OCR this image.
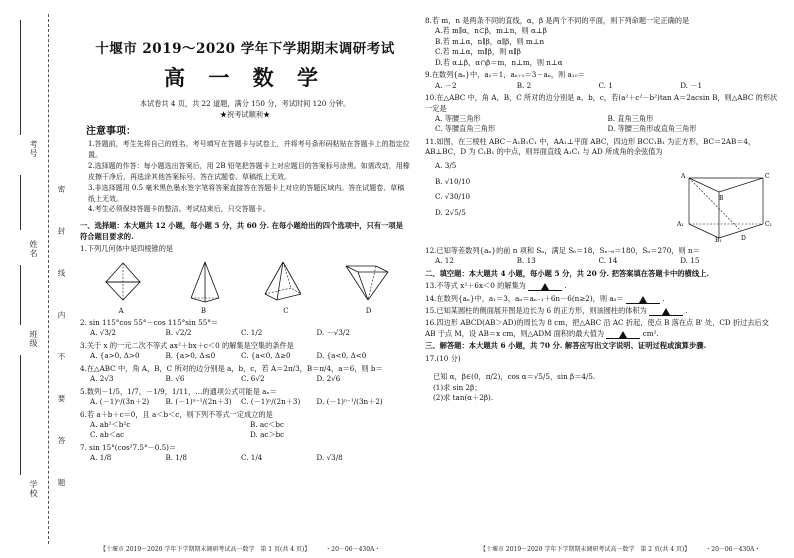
考号
姓名
班级
学校	密 封 线 内 不 要 答 题
十堰市 2019～2020 学年下学期期末调研考试
高 一 数 学
本试卷共 4 页，共 22 道题，满分 150 分，考试时间 120 分钟。
★祝考试顺利★
注意事项：
1.答题前，考生先将自己的姓名、考号填写在答题卡与试卷上，并将考号条形码粘贴在答题卡上的指定位置。
2.选择题的作答：每小题选出答案后，用 2B 铅笔把答题卡上对应题目的答案标号涂黑。如需改动，用橡皮擦干净后，再选涂其他答案标号。答在试题卷、草稿纸上无效。
3.非选择题用 0.5 毫米黑色墨水签字笔将答案直接答在答题卡上对应的答题区域内。答在试题卷、草稿纸上无效。
4.考生必须保持答题卡的整洁。考试结束后，只交答题卡。
一、选择题：本大题共 12 小题，每小题 5 分，共 60 分. 在每小题给出的四个选项中，只有一项是符合题目要求的.
1.下列几何体中是四棱锥的是
A	B	C	D
2. sin 115°cos 55°－cos 115°sin 55°＝
A. √3/2	B. √2/2	C. 1/2	D. －√3/2
3.关于 x 的一元二次不等式 ax²＋bx＋c＜0 的解集是空集的条件是
A. {a>0, Δ>0	B. {a>0, Δ≤0	C. {a<0, Δ≥0	D. {a<0, Δ<0
4.在△ABC 中，角 A，B，C 所对的边分别是 a，b，c，若 A＝2π/3，B＝π/4，a＝6，则 b＝
A. 2√3	B. √6	C. 6√2	D. 2√6
5.数列－1/5，1/7，－1/9，1/11，…的通项公式可能是 aₙ＝
A. (－1)ⁿ/(3n＋2)	B. (－1)ⁿ⁻¹/(2n＋3)	C. (－1)ⁿ/(2n＋3)	D. (－1)ⁿ⁻¹/(3n＋2)
6.若 a＋b＋c＝0，且 a＜b＜c，则下列不等式一定成立的是
A. ab²＜b²c	B. ac＜bc
C. ab＜ac	D. ac＞bc
7. sin 15°(cos²7.5°－0.5)＝
A. 1/8	B. 1/8	C. 1/4	D. √3/8
8.若 m，n 是两条不同的直线，α，β 是两个不同的平面，则下列命题一定正确的是
A.若 m∥α，n⊂β，m⊥n，则 α⊥β
B.若 m⊥α，n∥β，α∥β，则 m⊥n
C.若 m⊥α，m∥β，则 α∥β
D.若 α⊥β，α∩β＝m，n⊥m，则 n⊥α
9.在数列{aₙ}中，a₁＝1，aₙ₊₁＝3－aₙ，则 a₁₀＝
A. －2	B. 2	C. 1	D. －1
10.在△ABC 中，角 A，B，C 所对的边分别是 a，b，c，若(a²＋c²－b²)tan A＝2acsin B，则△ABC 的形状一定是
A. 等腰三角形	B. 直角三角形
C. 等腰直角三角形	D. 等腰三角形或直角三角形
11.如图，在三棱柱 ABC－A₁B₁C₁ 中，AA₁⊥平面 ABC，四边形 BCC₁B₁ 为正方形，BC＝2AB＝4，AB⊥BC，D 为 C₁B₁ 的中点，则异面直线 A₁C₁ 与 AD 所成角的余弦值为
A. 3/5
B. √10/10
C. √30/10
D. 2√5/5
A
B
C
A₁	C₁
B₁	D
12.已知等差数列{aₙ}的前 n 项和 Sₙ，满足 S₆＝18，Sₙ₋₆＝180，Sₙ＝270，则 n＝
A. 12	B. 13	C. 14	D. 15
二、填空题：本大题共 4 小题，每小题 5 分，共 20 分. 把答案填在答题卡中的横线上.
13.不等式 x²＋6x＜0 的解集为	.
14.在数列{aₙ}中，a₁＝3，aₙ＝aₙ₋₁＋6n－6(n≥2)，则 a₃＝	.
15.已知某圆柱的侧面展开图是边长为 6 的正方形，则该圆柱的体积为	.
16.四边形 ABCD(AB＞AD)的周长为 8 cm，把△ABC 沿 AC 折起，使点 B 落在点 B' 处，CD 折过去后交 AB 于点 M，设 AB＝x cm，则△ADM 面积的最大值为	cm².
三、解答题：本大题共 6 小题，共 70 分. 解答应写出文字说明、证明过程或演算步骤.
17.(10 分)
已知 α，β∈(0，π/2)，cos α＝√5/5，sin β＝4/5.
(1)求 sin 2β；
(2)求 tan(α＋2β).
【十堰市 2019～2020 学年下学期期末调研考试高一数学　第 1 页(共 4 页)】　　　・20－06－430A・	【十堰市 2019～2020 学年下学期期末调研考试高一数学　第 2 页(共 4 页)】　　　・20－06－430A・
